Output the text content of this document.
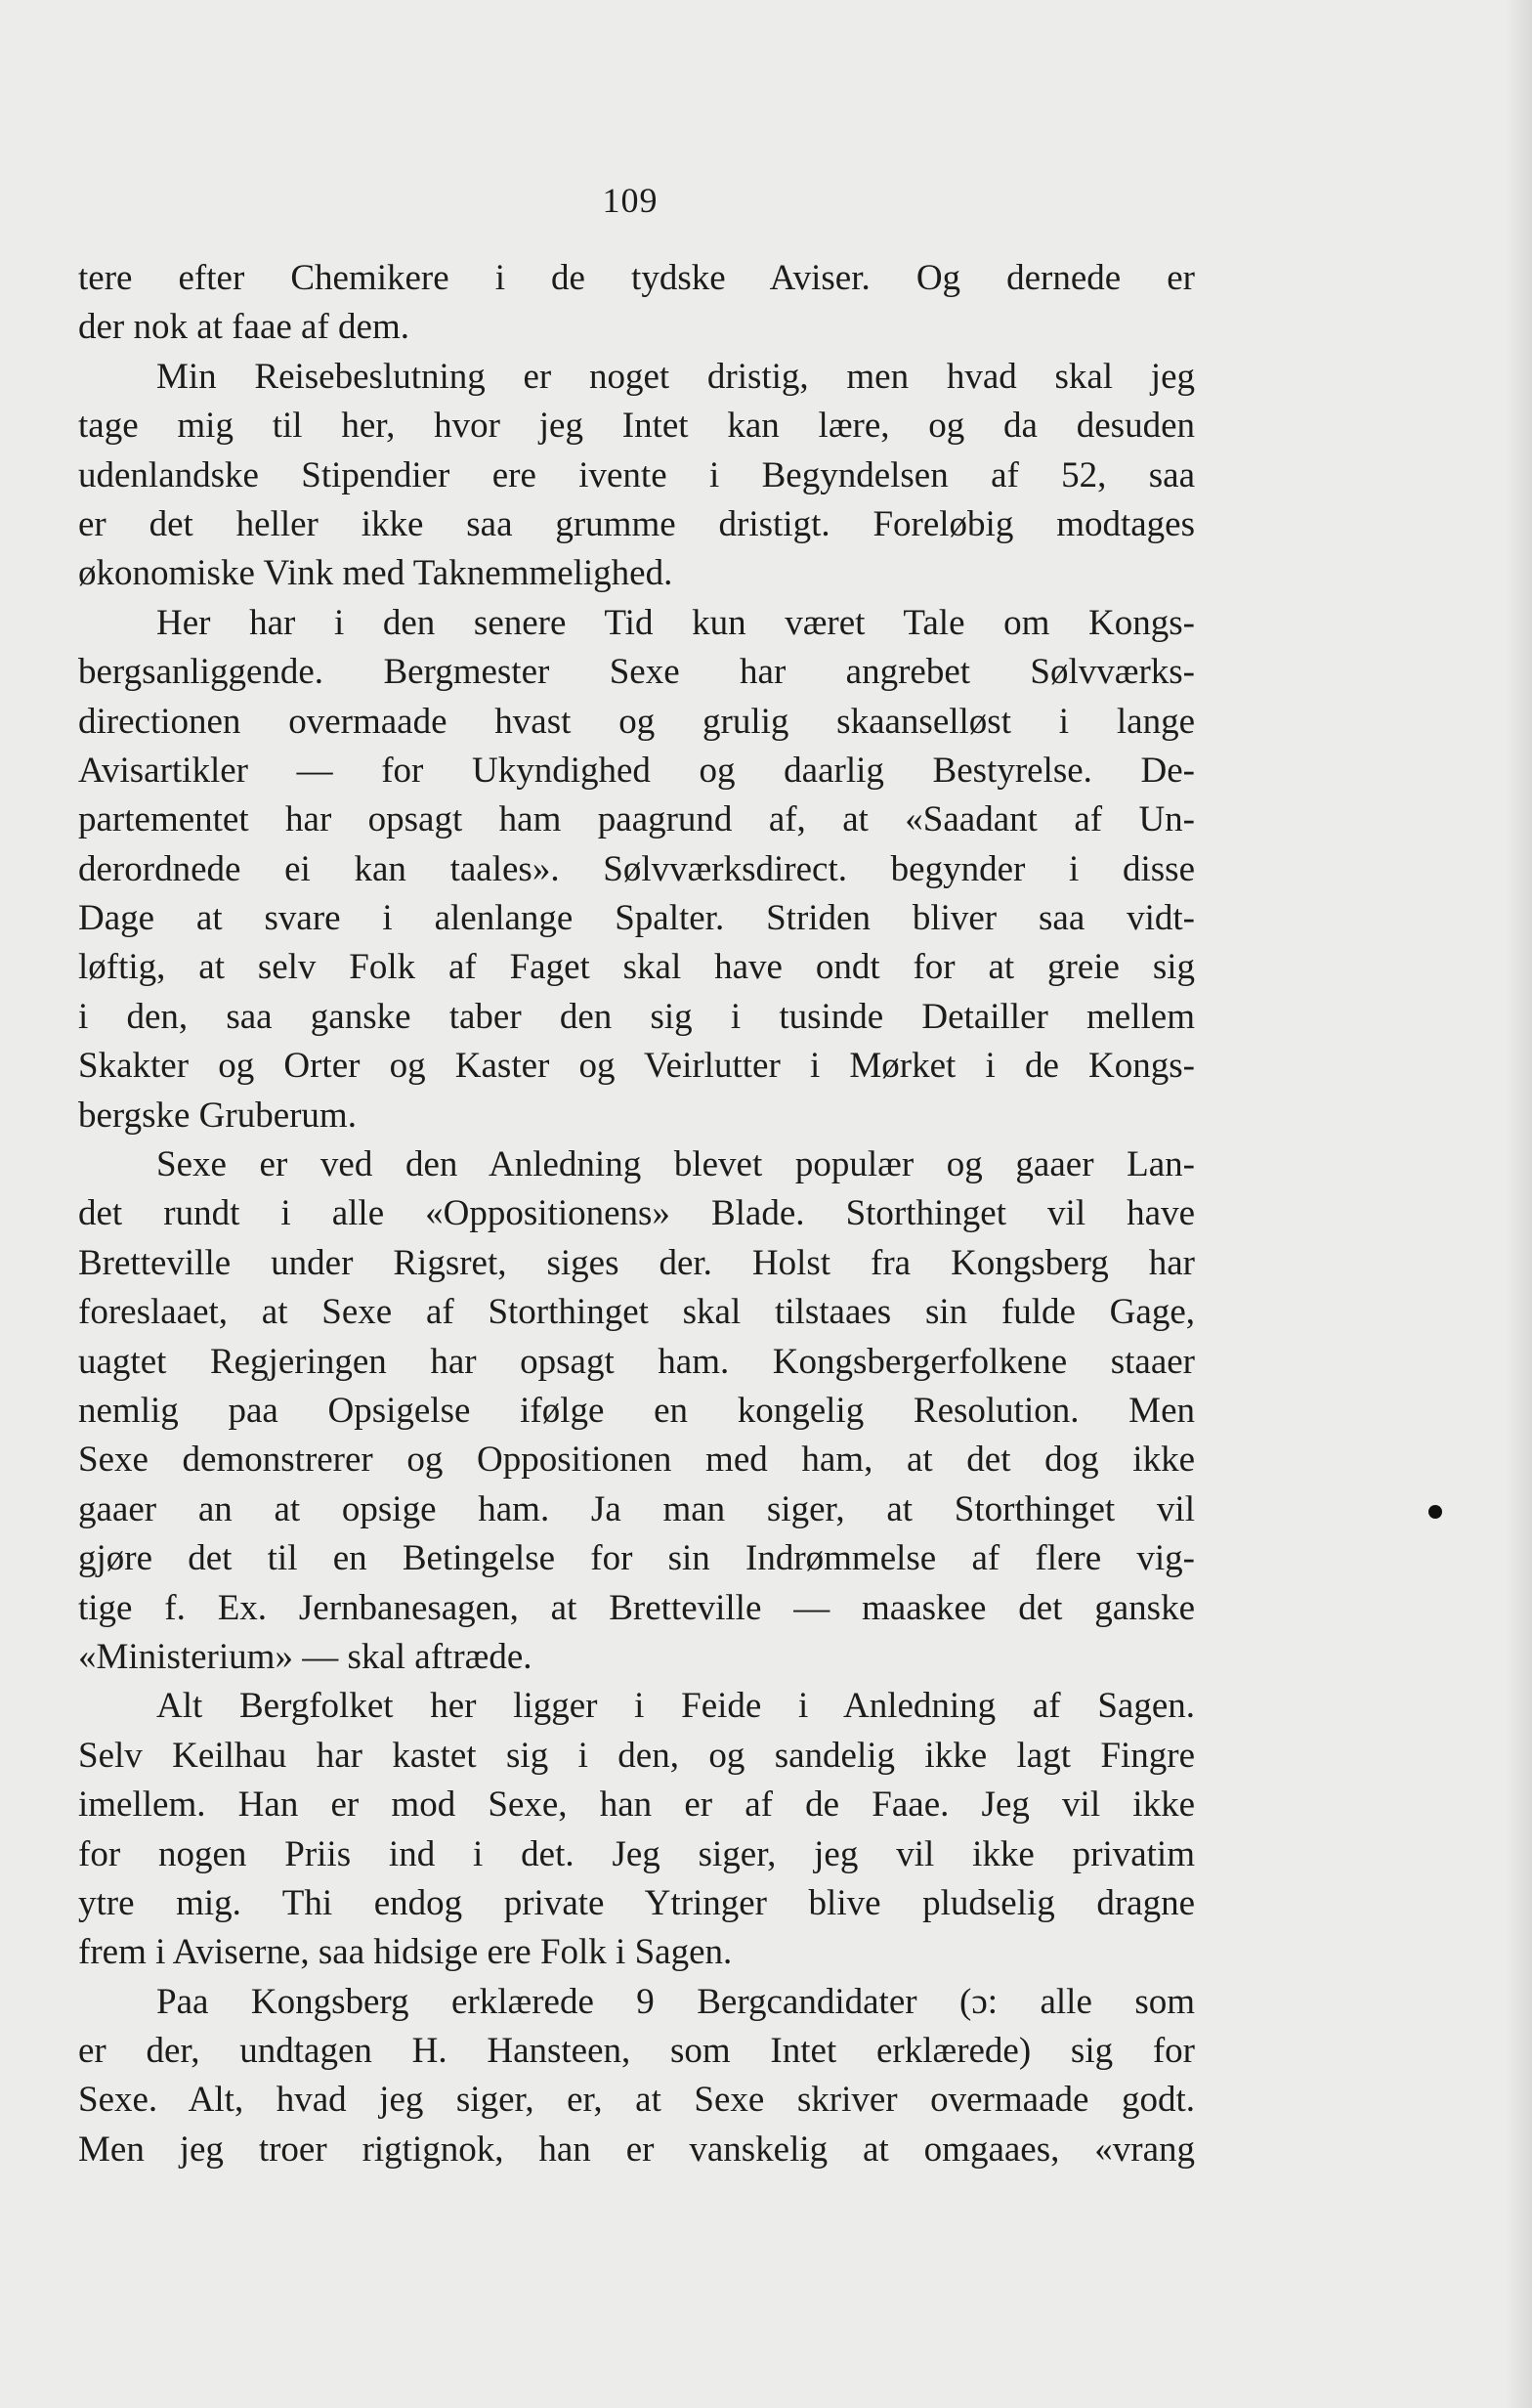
109
tere efter Chemikere i de tydske Aviser. Og dernede er
der nok at faae af dem.
Min Reisebeslutning er noget dristig, men hvad skal jeg
tage mig til her, hvor jeg Intet kan lære, og da desuden
udenlandske Stipendier ere ivente i Begyndelsen af 52, saa
er det heller ikke saa grumme dristigt. Foreløbig modtages
økonomiske Vink med Taknemmelighed.
Her har i den senere Tid kun været Tale om Kongs-
bergsanliggende. Bergmester Sexe har angrebet Sølvværks-
directionen overmaade hvast og grulig skaanselløst i lange
Avisartikler — for Ukyndighed og daarlig Bestyrelse. De-
partementet har opsagt ham paagrund af, at «Saadant af Un-
derordnede ei kan taales». Sølvværksdirect. begynder i disse
Dage at svare i alenlange Spalter. Striden bliver saa vidt-
løftig, at selv Folk af Faget skal have ondt for at greie sig
i den, saa ganske taber den sig i tusinde Detailler mellem
Skakter og Orter og Kaster og Veirlutter i Mørket i de Kongs-
bergske Gruberum.
Sexe er ved den Anledning blevet populær og gaaer Lan-
det rundt i alle «Oppositionens» Blade. Storthinget vil have
Bretteville under Rigsret, siges der. Holst fra Kongsberg har
foreslaaet, at Sexe af Storthinget skal tilstaaes sin fulde Gage,
uagtet Regjeringen har opsagt ham. Kongsbergerfolkene staaer
nemlig paa Opsigelse ifølge en kongelig Resolution. Men
Sexe demonstrerer og Oppositionen med ham, at det dog ikke
gaaer an at opsige ham. Ja man siger, at Storthinget vil
gjøre det til en Betingelse for sin Indrømmelse af flere vig-
tige f. Ex. Jernbanesagen, at Bretteville — maaskee det ganske
«Ministerium» — skal aftræde.
Alt Bergfolket her ligger i Feide i Anledning af Sagen.
Selv Keilhau har kastet sig i den, og sandelig ikke lagt Fingre
imellem. Han er mod Sexe, han er af de Faae. Jeg vil ikke
for nogen Priis ind i det. Jeg siger, jeg vil ikke privatim
ytre mig. Thi endog private Ytringer blive pludselig dragne
frem i Aviserne, saa hidsige ere Folk i Sagen.
Paa Kongsberg erklærede 9 Bergcandidater (ɔ: alle som
er der, undtagen H. Hansteen, som Intet erklærede) sig for
Sexe. Alt, hvad jeg siger, er, at Sexe skriver overmaade godt.
Men jeg troer rigtignok, han er vanskelig at omgaaes, «vrang
